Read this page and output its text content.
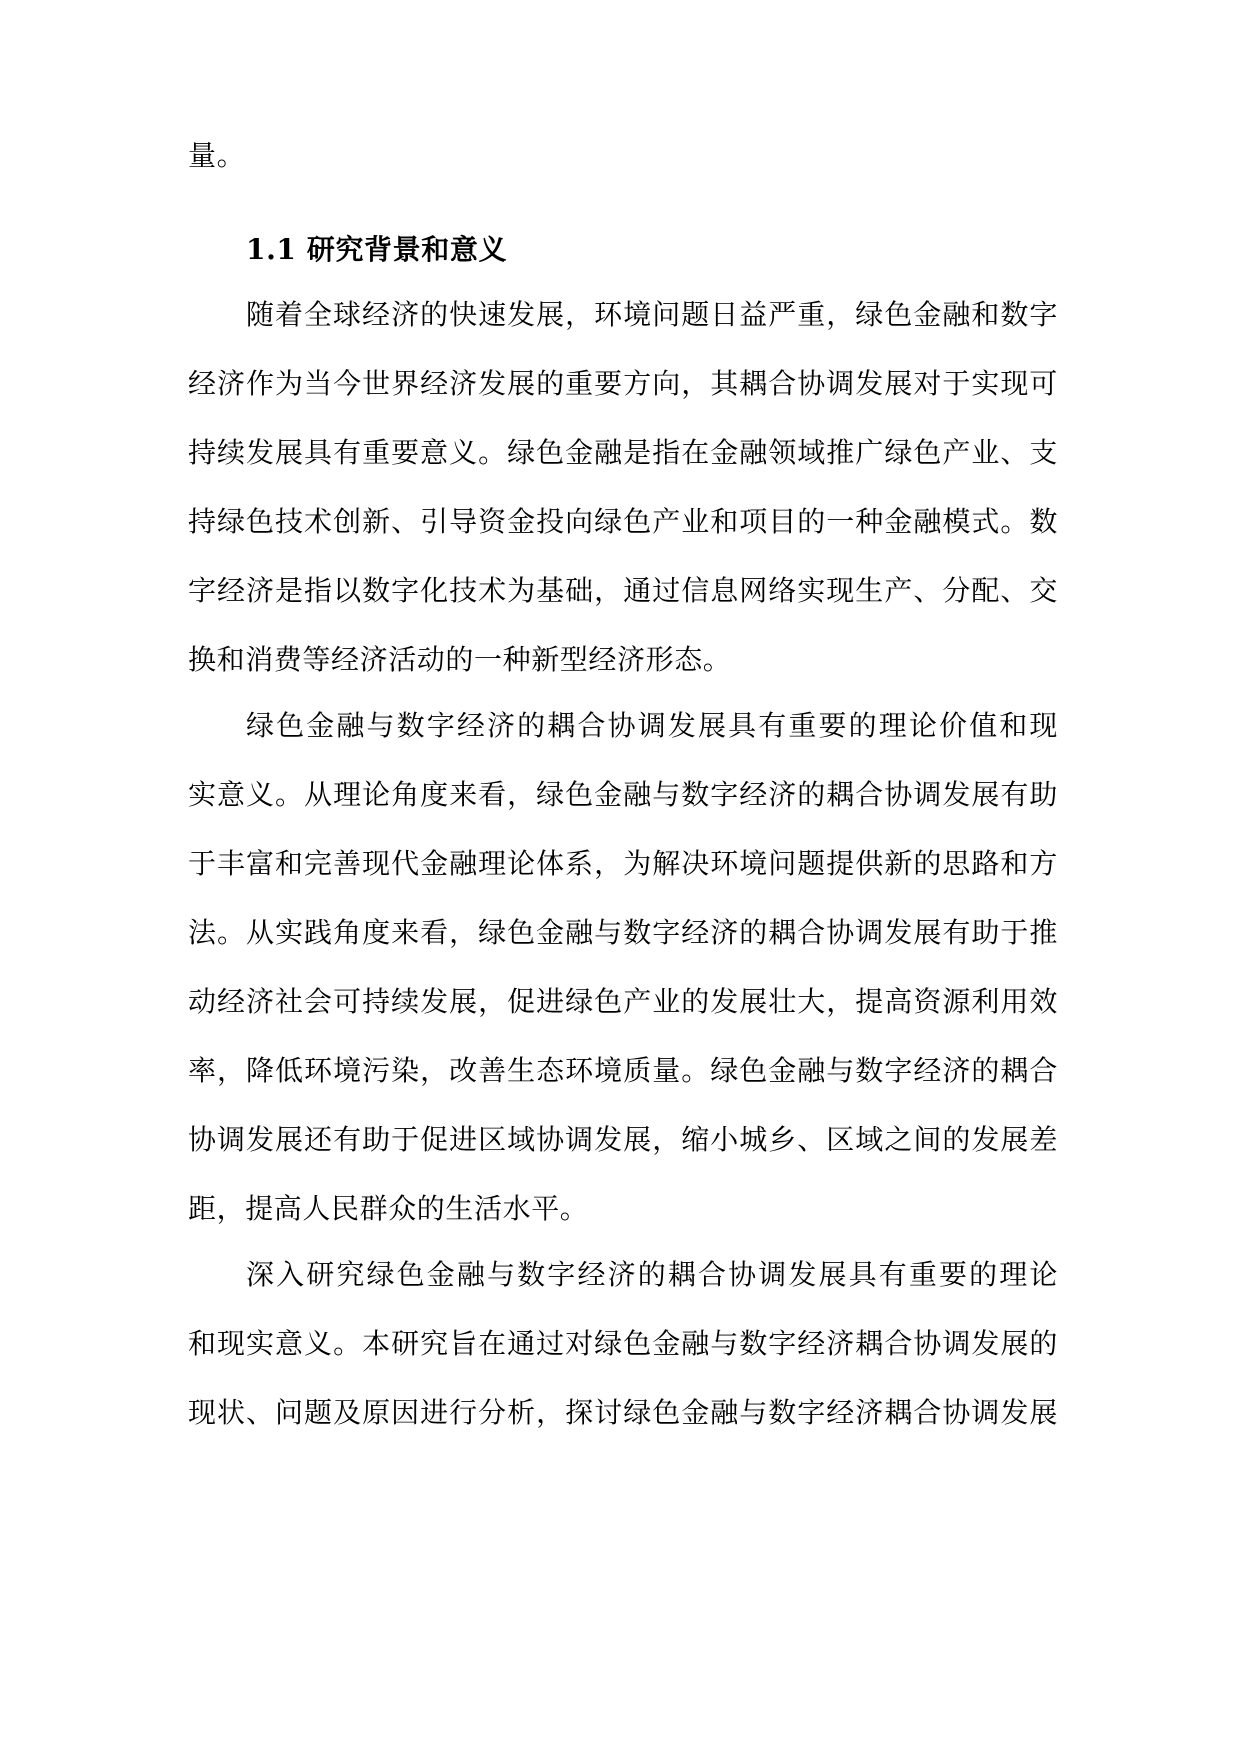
量。
1.1 研究背景和意义
随着全球经济的快速发展，环境问题日益严重，绿色金融和数字
经济作为当今世界经济发展的重要方向，其耦合协调发展对于实现可
持续发展具有重要意义。绿色金融是指在金融领域推广绿色产业、支
持绿色技术创新、引导资金投向绿色产业和项目的一种金融模式。数
字经济是指以数字化技术为基础，通过信息网络实现生产、分配、交
换和消费等经济活动的一种新型经济形态。
绿色金融与数字经济的耦合协调发展具有重要的理论价值和现
实意义。从理论角度来看，绿色金融与数字经济的耦合协调发展有助
于丰富和完善现代金融理论体系，为解决环境问题提供新的思路和方
法。从实践角度来看，绿色金融与数字经济的耦合协调发展有助于推
动经济社会可持续发展，促进绿色产业的发展壮大，提高资源利用效
率，降低环境污染，改善生态环境质量。绿色金融与数字经济的耦合
协调发展还有助于促进区域协调发展，缩小城乡、区域之间的发展差
距，提高人民群众的生活水平。
深入研究绿色金融与数字经济的耦合协调发展具有重要的理论
和现实意义。本研究旨在通过对绿色金融与数字经济耦合协调发展的
现状、问题及原因进行分析，探讨绿色金融与数字经济耦合协调发展
